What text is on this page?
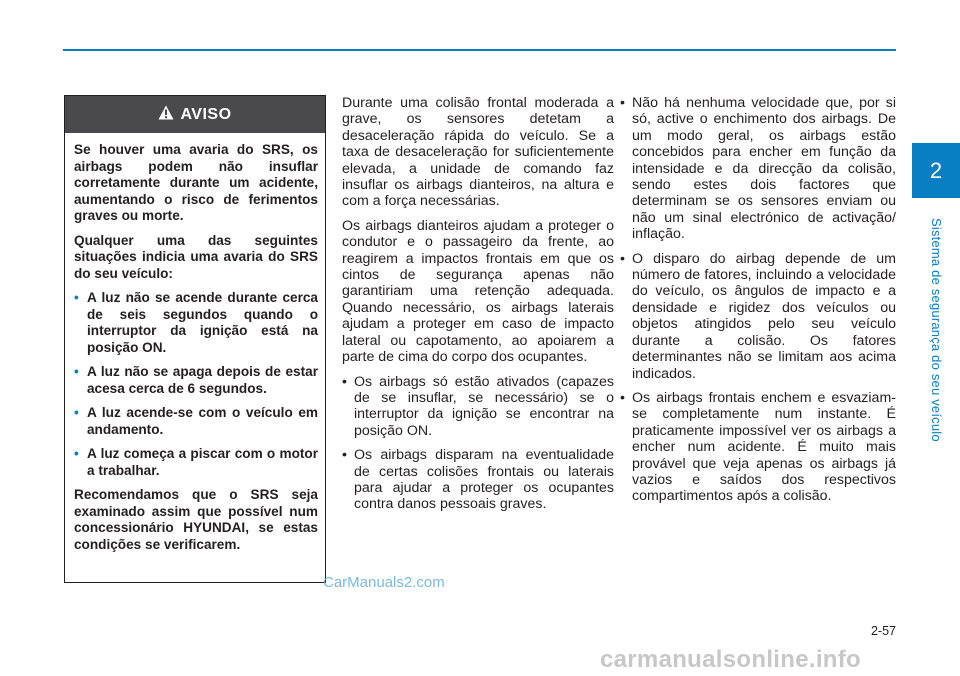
2
Sistema de segurança do seu veículo
AVISO

Se houver uma avaria do SRS, os airbags podem não insuflar corretamente durante um acidente, aumentando o risco de ferimentos graves ou morte.

Qualquer uma das seguintes situações indicia uma avaria do SRS do seu veículo:

• A luz não se acende durante cerca de seis segundos quando o interruptor da ignição está na posição ON.
• A luz não se apaga depois de estar acesa cerca de 6 segundos.
• A luz acende-se com o veículo em andamento.
• A luz começa a piscar com o motor a trabalhar.

Recomendamos que o SRS seja examinado assim que possível num concessionário HYUNDAI, se estas condições se verificarem.

Durante uma colisão frontal moderada a grave, os sensores detetam a desaceleração rápida do veículo. Se a taxa de desaceleração for suficientemente elevada, a unidade de comando faz insuflar os airbags dianteiros, na altura e com a força necessárias.

Os airbags dianteiros ajudam a proteger o condutor e o passageiro da frente, ao reagirem a impactos frontais em que os cintos de segurança apenas não garantiriam uma retenção adequada. Quando necessário, os airbags laterais ajudam a proteger em caso de impacto lateral ou capotamento, ao apoiarem a parte de cima do corpo dos ocupantes.

• Os airbags só estão ativados (capazes de se insuflar, se necessário) se o interruptor da ignição se encontrar na posição ON.
• Os airbags disparam na eventualidade de certas colisões frontais ou laterais para ajudar a proteger os ocupantes contra danos pessoais graves.
• Não há nenhuma velocidade que, por si só, active o enchimento dos airbags. De um modo geral, os airbags estão concebidos para encher em função da intensidade e da direcção da colisão, sendo estes dois factores que determinam se os sensores enviam ou não um sinal electrónico de activação/ inflação.
• O disparo do airbag depende de um número de fatores, incluindo a velocidade do veículo, os ângulos de impacto e a densidade e rigidez dos veículos ou objetos atingidos pelo seu veículo durante a colisão. Os fatores determinantes não se limitam aos acima indicados.
• Os airbags frontais enchem e esvaziam-se completamente num instante. É praticamente impossível ver os airbags a encher num acidente. É muito mais provável que veja apenas os airbags já vazios e saídos dos respectivos compartimentos após a colisão.
2-57
CarManuals2.com
carmanualsonline.info
